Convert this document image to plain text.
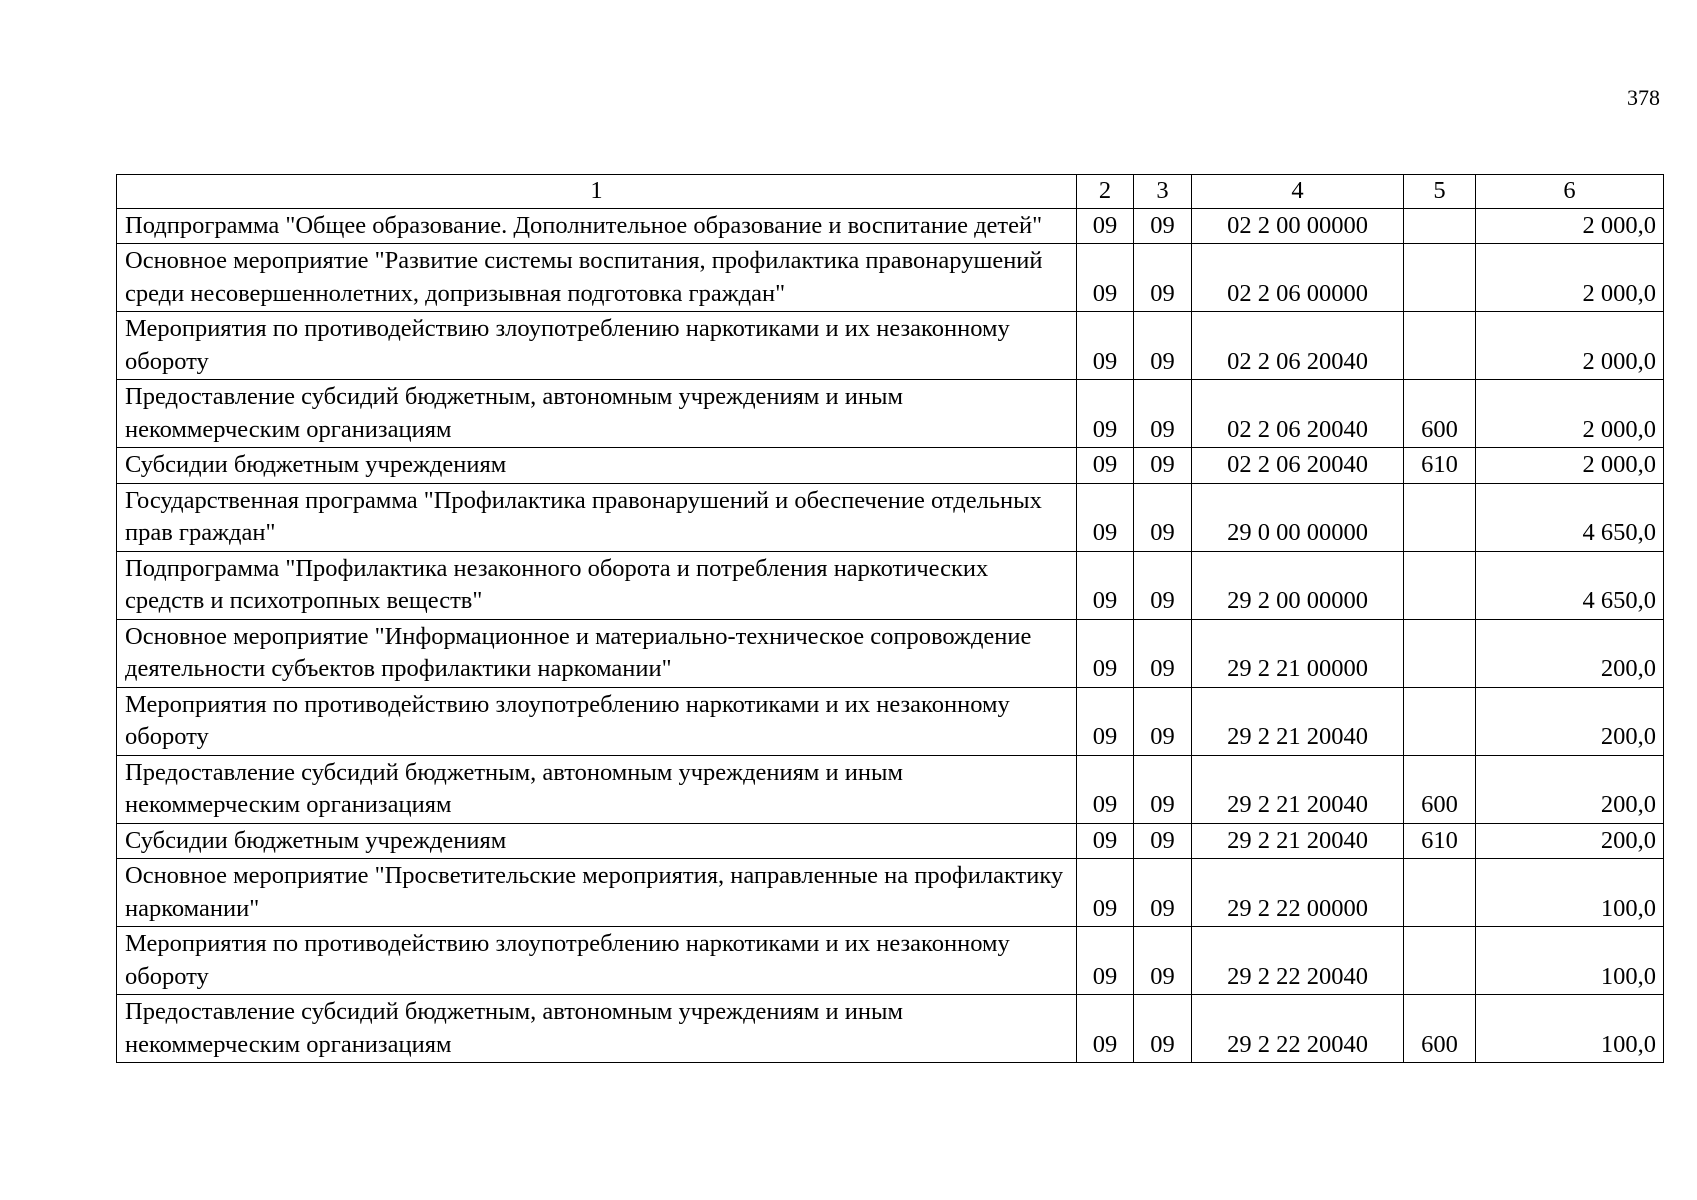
378
1	2	3	4	5	6
Подпрограмма "Общее образование. Дополнительное образование и воспитание детей"	09	09	02 2 00 00000		2 000,0
Основное мероприятие "Развитие системы воспитания, профилактика правонарушений среди несовершеннолетних, допризывная подготовка граждан"	09	09	02 2 06 00000		2 000,0
Мероприятия по противодействию злоупотреблению наркотиками и их незаконному обороту	09	09	02 2 06 20040		2 000,0
Предоставление субсидий бюджетным, автономным учреждениям и иным некоммерческим организациям	09	09	02 2 06 20040	600	2 000,0
Субсидии бюджетным учреждениям	09	09	02 2 06 20040	610	2 000,0
Государственная программа "Профилактика правонарушений и обеспечение отдельных прав граждан"	09	09	29 0 00 00000		4 650,0
Подпрограмма "Профилактика незаконного оборота и потребления наркотических средств и психотропных веществ"	09	09	29 2 00 00000		4 650,0
Основное мероприятие "Информационное и материально-техническое сопровождение деятельности субъектов профилактики наркомании"	09	09	29 2 21 00000		200,0
Мероприятия по противодействию злоупотреблению наркотиками и их незаконному обороту	09	09	29 2 21 20040		200,0
Предоставление субсидий бюджетным, автономным учреждениям и иным некоммерческим организациям	09	09	29 2 21 20040	600	200,0
Субсидии бюджетным учреждениям	09	09	29 2 21 20040	610	200,0
Основное мероприятие "Просветительские мероприятия, направленные на профилактику наркомании"	09	09	29 2 22 00000		100,0
Мероприятия по противодействию злоупотреблению наркотиками и их незаконному обороту	09	09	29 2 22 20040		100,0
Предоставление субсидий бюджетным, автономным учреждениям и иным некоммерческим организациям	09	09	29 2 22 20040	600	100,0
